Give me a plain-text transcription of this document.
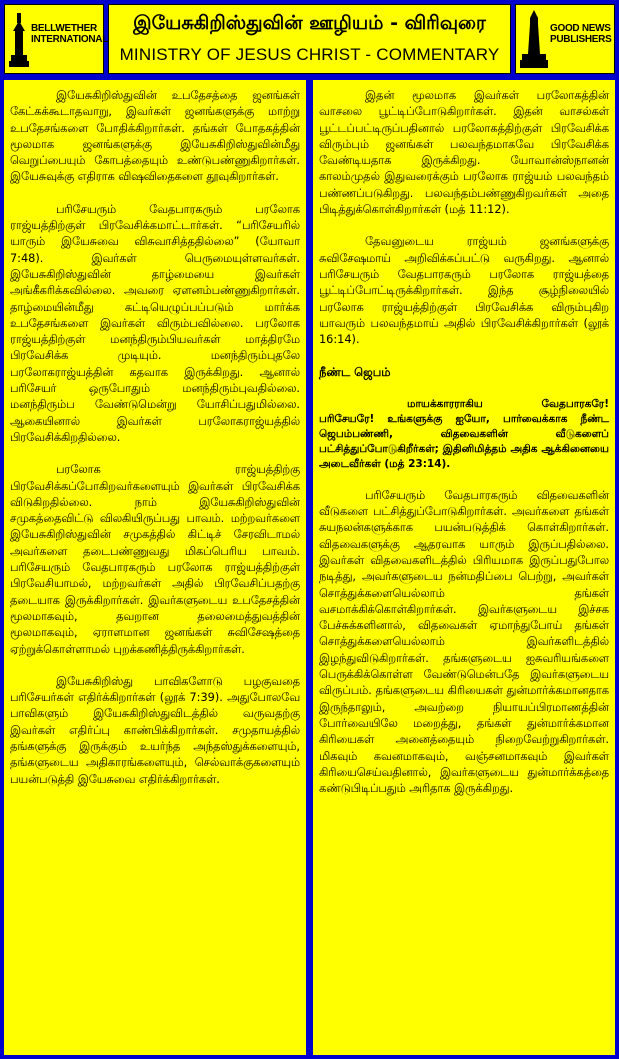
BELLWETHER INTERNATIONAL
இயேசுகிறிஸ்துவின் ஊழியம் - விரிவுரை
MINISTRY OF JESUS CHRIST - COMMENTARY
GOOD NEWS PUBLISHERS

இயேசுகிறிஸ்துவின் உபதேசத்தை ஜனங்கள் கேட்கக்கூடாதவாறு, இவர்கள் ஜனங்களுக்கு மாற்று உபதேசங்களை போதிக்கிறார்கள். தங்கள் போதகத்தின் மூலமாக ஜனங்களுக்கு இயேசுகிறிஸ்துவின்மீது வெறுப்பையும் கோபத்தையும் உண்டுபண்ணுகிறார்கள். இயேசுவுக்கு எதிராக விஷவிதைகளை தூவுகிறார்கள்.

பரிசேயரும் வேதபாரகரும் பரலோக ராஜ்யத்திற்குள் பிரவேசிக்கமாட்டார்கள். “பரிசேயரில் யாரும் இயேசுவை விசுவாசித்ததில்லை” (யோவா 7:48). இவர்கள் பெருமையுள்ளவர்கள். இயேசுகிறிஸ்துவின் தாழ்மையை இவர்கள் அங்கீகரிக்கவில்லை. அவரை ஏளனம்பண்ணுகிறார்கள். தாழ்மையின்மீது கட்டியெழுப்பப்படும் மார்க்க உபதேசங்களை இவர்கள் விரும்பவில்லை. பரலோக ராஜ்யத்திற்குள் மனந்திரும்பியவர்கள் மாத்திரமே பிரவேசிக்க முடியும். மனந்திரும்புதலே பரலோகராஜ்யத்தின் கதவாக இருக்கிறது. ஆனால் பரிசேயர் ஒருபோதும் மனந்திரும்புவதில்லை. மனந்திரும்ப வேண்டுமென்று யோசிப்பதுமில்லை. ஆகையினால் இவர்கள் பரலோகராஜ்யத்தில் பிரவேசிக்கிறதில்லை.

பரலோக ராஜ்யத்திற்கு பிரவேசிக்கப்போகிறவர்களையும் இவர்கள் பிரவேசிக்க விடுகிறதில்லை. நாம் இயேசுகிறிஸ்துவின் சமுகத்தைவிட்டு விலகியிருப்பது பாவம். மற்றவர்களை இயேசுகிறிஸ்துவின் சமுகத்தில் கிட்டிச் சேரவிடாமல் அவர்களை தடைபண்ணுவது மிகப்பெரிய பாவம். பரிசேயரும் வேதபாரகரும் பரலோக ராஜ்யத்திற்குள் பிரவேசியாமல், மற்றவர்கள் அதில் பிரவேசிப்பதற்கு தடையாக இருக்கிறார்கள். இவர்களுடைய உபதேசத்தின் மூலமாகவும், தவறான தலைமைத்துவத்தின் மூலமாகவும், ஏராளமான ஜனங்கள் சுவிசேஷத்தை ஏற்றுக்கொள்ளாமல் புறக்கணித்திருக்கிறார்கள்.

இயேசுகிறிஸ்து பாவிகளோடு பழகுவதை பரிசேயர்கள் எதிர்க்கிறார்கள் (லூக் 7:39). அதுபோலவே பாவிகளும் இயேசுகிறிஸ்துவிடத்தில் வருவதற்கு இவர்கள் எதிர்ப்பு காண்பிக்கிறார்கள். சமுதாயத்தில் தங்களுக்கு இருக்கும் உயர்ந்த அந்தஸ்துக்களையும், தங்களுடைய அதிகாரங்களையும், செல்வாக்குகளையும் பயன்படுத்தி இயேசுவை எதிர்க்கிறார்கள்.

இதன் மூலமாக இவர்கள் பரலோகத்தின் வாசலை பூட்டிப்போடுகிறார்கள். இதன் வாசல்கள் பூட்டப்பட்டிருப்பதினால் பரலோகத்திற்குள் பிரவேசிக்க விரும்பும் ஜனங்கள் பலவந்தமாகவே பிரவேசிக்க வேண்டியதாக இருக்கிறது. யோவான்ஸ்நானன் காலம்முதல் இதுவரைக்கும் பரலோக ராஜ்யம் பலவந்தம் பண்ணப்படுகிறது. பலவந்தம்பண்ணுகிறவர்கள் அதை பிடித்துக்கொள்கிறார்கள் (மத் 11:12).

தேவனுடைய ராஜ்யம் ஜனங்களுக்கு சுவிசேஷமாய் அறிவிக்கப்பட்டு வருகிறது. ஆனால் பரிசேயரும் வேதபாரகரும் பரலோக ராஜ்யத்தை பூட்டிப்போட்டிருக்கிறார்கள். இந்த சூழ்நிலையில் பரலோக ராஜ்யத்திற்குள் பிரவேசிக்க விரும்புகிற யாவரும் பலவந்தமாய் அதில் பிரவேசிக்கிறார்கள் (லூக் 16:14).

நீண்ட ஜெபம்

மாயக்காரராகிய வேதபாரகரே! பரிசேயரே! உங்களுக்கு ஐயோ, பார்வைக்காக நீண்ட ஜெபம்பண்ணி, விதவைகளின் வீடுகளைப் பட்சித்துப்போடுகிறீர்கள்; இதினிமித்தம் அதிக ஆக்கினையை அடைவீர்கள் (மத் 23:14).

பரிசேயரும் வேதபாரகரும் விதவைகளின் வீடுகளை பட்சித்துப்போடுகிறார்கள். அவர்களை தங்கள் சுயநலன்களுக்காக பயன்படுத்திக் கொள்கிறார்கள். விதவைகளுக்கு ஆதரவாக யாரும் இருப்பதில்லை. இவர்கள் விதவைகளிடத்தில் பிரியமாக இருப்பதுபோல நடித்து, அவர்களுடைய நன்மதிப்பை பெற்று, அவர்கள் சொத்துக்களையெல்லாம் தங்கள் வசமாக்கிக்கொள்கிறார்கள். இவர்களுடைய இச்சக பேச்சுக்களினால், விதவைகள் ஏமாந்துபோய் தங்கள் சொத்துக்களையெல்லாம் இவர்களிடத்தில் இழந்துவிடுகிறார்கள். தங்களுடைய ஐசுவரியங்களை பெருக்கிக்கொள்ள வேண்டுமென்பதே இவர்களுடைய விருப்பம். தங்களுடைய கிரியைகள் துன்மார்க்கமானதாக இருந்தாலும், அவற்றை நியாயப்பிரமாணத்தின் போர்வையிலே மறைத்து, தங்கள் துன்மார்க்கமான கிரியைகள் அனைத்தையும் நிறைவேற்றுகிறார்கள். மிகவும் கவனமாகவும், வஞ்சனமாகவும் இவர்கள் கிரியைசெய்வதினால், இவர்களுடைய துன்மார்க்கத்தை கண்டுபிடிப்பதும் அரிதாக இருக்கிறது.
